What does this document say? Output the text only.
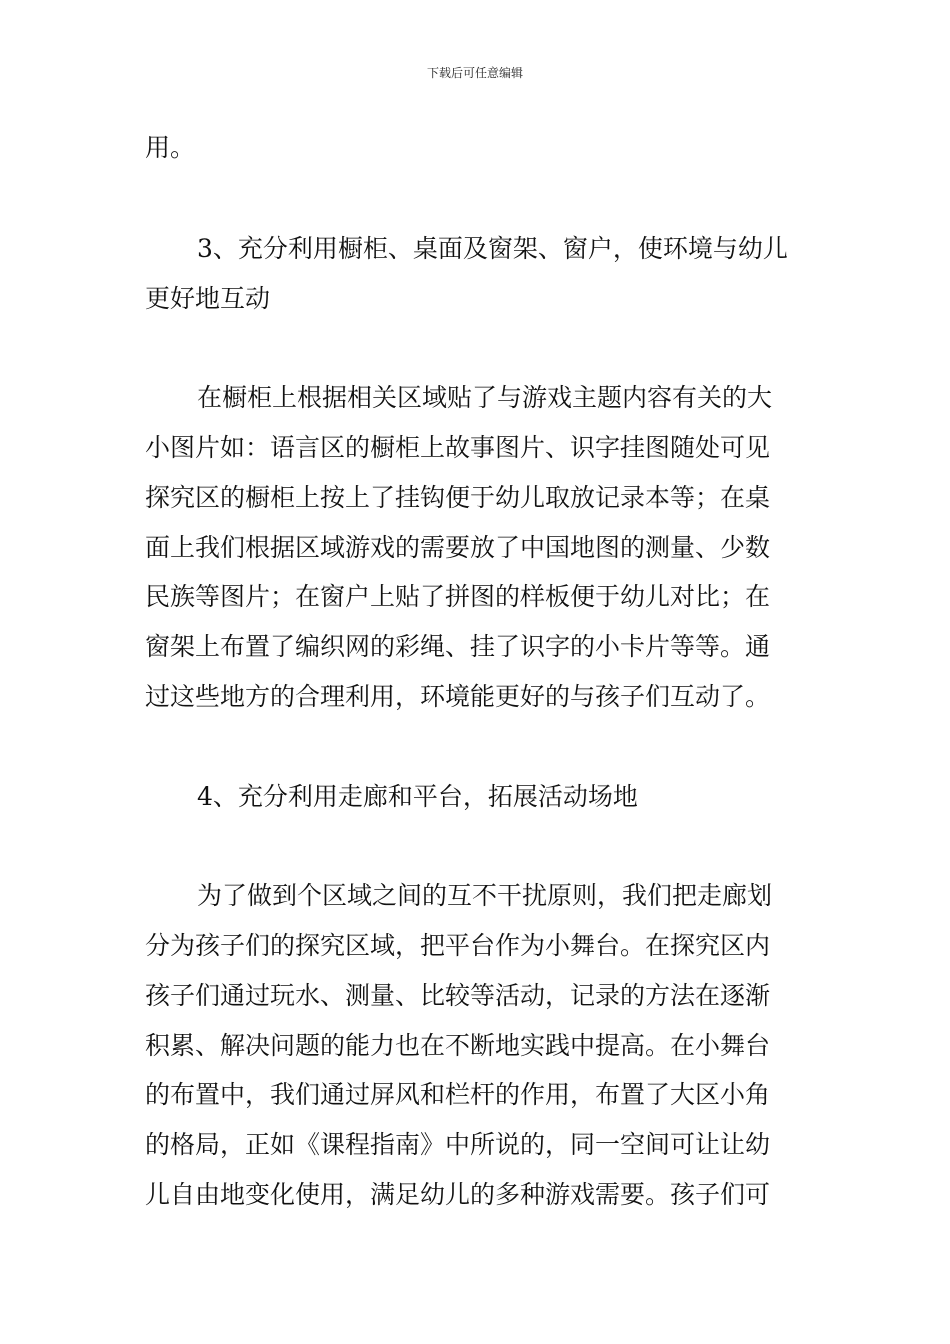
下载后可任意编辑
用。
3、充分利用橱柜、桌面及窗架、窗户，使环境与幼儿
更好地互动
在橱柜上根据相关区域贴了与游戏主题内容有关的大
小图片如：语言区的橱柜上故事图片、识字挂图随处可见
探究区的橱柜上按上了挂钩便于幼儿取放记录本等；在桌
面上我们根据区域游戏的需要放了中国地图的测量、少数
民族等图片；在窗户上贴了拼图的样板便于幼儿对比；在
窗架上布置了编织网的彩绳、挂了识字的小卡片等等。通
过这些地方的合理利用，环境能更好的与孩子们互动了。
4、充分利用走廊和平台，拓展活动场地
为了做到个区域之间的互不干扰原则，我们把走廊划
分为孩子们的探究区域，把平台作为小舞台。在探究区内
孩子们通过玩水、测量、比较等活动，记录的方法在逐渐
积累、解决问题的能力也在不断地实践中提高。在小舞台
的布置中，我们通过屏风和栏杆的作用，布置了大区小角
的格局，正如《课程指南》中所说的，同一空间可让让幼
儿自由地变化使用，满足幼儿的多种游戏需要。孩子们可
